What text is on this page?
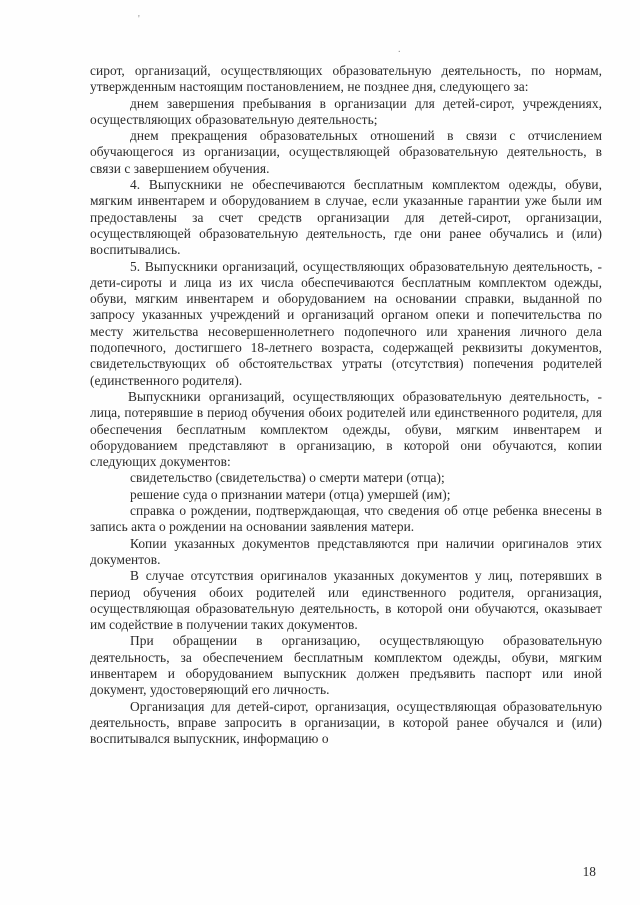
'
.

сирот, организаций, осуществляющих образовательную деятельность, по нормам, утвержденным настоящим постановлением, не позднее дня, следующего за:

днем завершения пребывания в организации для детей-сирот, учреждениях, осуществляющих образовательную деятельность;

днем прекращения образовательных отношений в связи с отчислением обучающегося из организации, осуществляющей образовательную деятельность, в связи с завершением обучения.

4. Выпускники не обеспечиваются бесплатным комплектом одежды, обуви, мягким инвентарем и оборудованием в случае, если указанные гарантии уже были им предоставлены за счет средств организации для детей-сирот, организации, осуществляющей образовательную деятельность, где они ранее обучались и (или) воспитывались.

5. Выпускники организаций, осуществляющих образовательную деятельность, - дети-сироты и лица из их числа обеспечиваются бесплатным комплектом одежды, обуви, мягким инвентарем и оборудованием на основании справки, выданной по запросу указанных учреждений и организаций органом опеки и попечительства по месту жительства несовершеннолетнего подопечного или хранения личного дела подопечного, достигшего 18-летнего возраста, содержащей реквизиты документов, свидетельствующих об обстоятельствах утраты (отсутствия) попечения родителей (единственного родителя).

Выпускники организаций, осуществляющих образовательную деятельность, - лица, потерявшие в период обучения обоих родителей или единственного родителя, для обеспечения бесплатным комплектом одежды, обуви, мягким инвентарем и оборудованием представляют в организацию, в которой они обучаются, копии следующих документов:

свидетельство (свидетельства) о смерти матери (отца);

решение суда о признании матери (отца) умершей (им);

справка о рождении, подтверждающая, что сведения об отце ребенка внесены в запись акта о рождении на основании заявления матери.

Копии указанных документов представляются при наличии оригиналов этих документов.

В случае отсутствия оригиналов указанных документов у лиц, потерявших в период обучения обоих родителей или единственного родителя, организация, осуществляющая образовательную деятельность, в которой они обучаются, оказывает им содействие в получении таких документов.

При обращении в организацию, осуществляющую образовательную деятельность, за обеспечением бесплатным комплектом одежды, обуви, мягким инвентарем и оборудованием выпускник должен предъявить паспорт или иной документ, удостоверяющий его личность.

Организация для детей-сирот, организация, осуществляющая образовательную деятельность, вправе запросить в организации, в которой ранее обучался и (или) воспитывался выпускник, информацию о

18
